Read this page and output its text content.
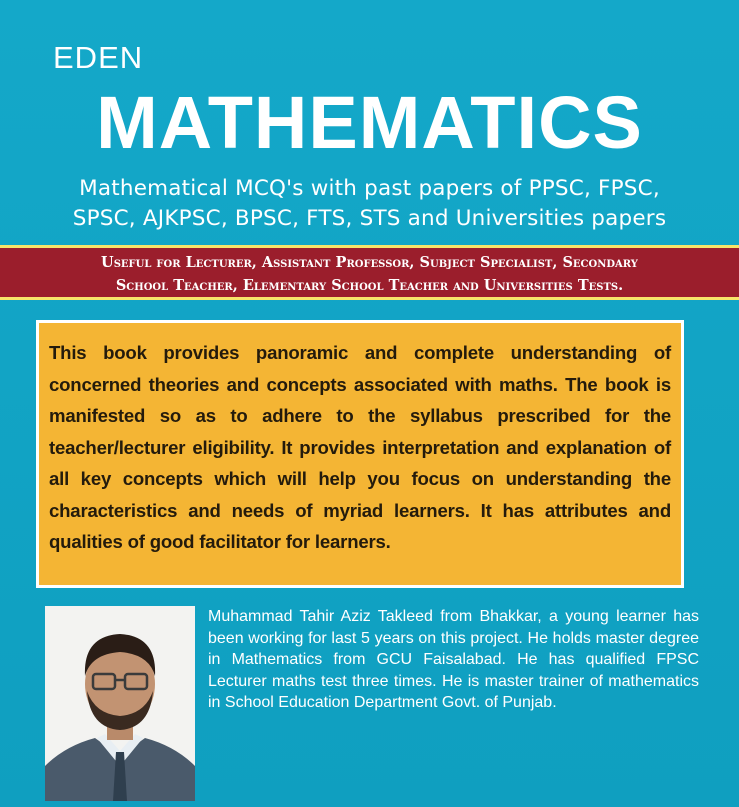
EDEN
MATHEMATICS
Mathematical MCQ's with past papers of PPSC, FPSC,
SPSC, AJKPSC, BPSC, FTS, STS and Universities papers
Useful for Lecturer, Assistant Professor, Subject Specialist, Secondary
School Teacher, Elementary School Teacher and Universities Tests.
This book provides panoramic and complete understanding of concerned theories and concepts associated with maths. The book is manifested so as to adhere to the syllabus prescribed for the teacher/lecturer eligibility. It provides interpretation and explanation of all key concepts which will help you focus on understanding the characteristics and needs of myriad learners. It has attributes and qualities of good facilitator for learners.
Muhammad Tahir Aziz Takleed from Bhakkar, a young learner has been working for last 5 years on this project. He holds master degree in Mathematics from GCU Faisalabad. He has qualified FPSC Lecturer maths test three times. He is master trainer of mathematics in School Education Department Govt. of Punjab.
